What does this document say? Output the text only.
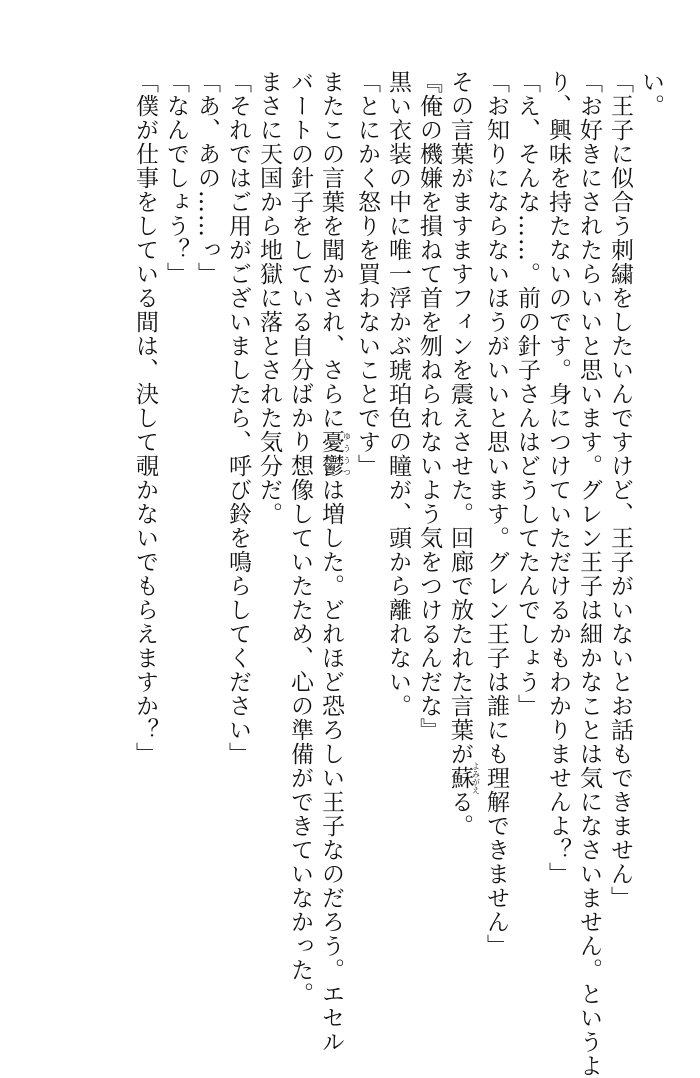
い。
「王子に似合う刺繍をしたいんですけど、王子がいないとお話もできません」
「お好きにされたらいいと思います。グレン王子は細かなことは気になさいません。というよ
り、興味を持たないのです。身につけていただけるかもわかりませんよ？」
「え、そんな……。前の針子さんはどうしてたんでしょう」
「お知りにならないほうがいいと思います。グレン王子は誰にも理解できません」
その言葉がますますフィンを震えさせた。回廊で放たれた言葉が蘇よみがえる。
『俺の機嫌を損ねて首を刎ねられないよう気をつけるんだな』
黒い衣装の中に唯一浮かぶ琥珀色の瞳が、頭から離れない。
「とにかく怒りを買わないことです」
またこの言葉を聞かされ、さらに憂鬱ゆううつは増した。どれほど恐ろしい王子なのだろう。エセル
バートの針子をしている自分ばかり想像していたため、心の準備ができていなかった。
まさに天国から地獄に落とされた気分だ。
「それではご用がございましたら、呼び鈴を鳴らしてください」
「あ、あの……っ」
「なんでしょう？」
「僕が仕事をしている間は、決して覗かないでもらえますか？」
